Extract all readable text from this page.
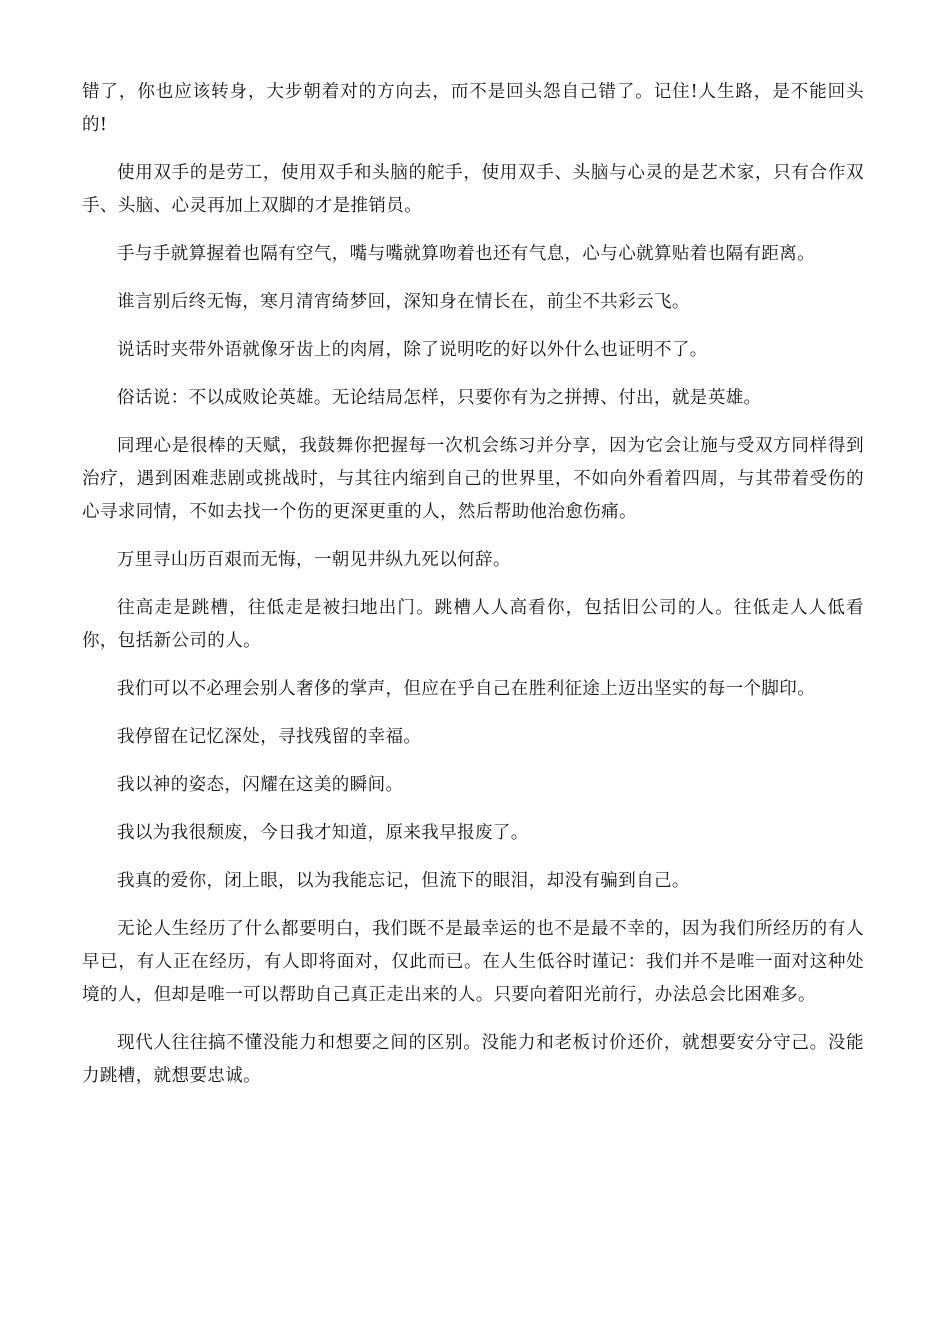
错了，你也应该转身，大步朝着对的方向去，而不是回头怨自己错了。记住!人生路，是不能回头的!

使用双手的是劳工，使用双手和头脑的舵手，使用双手、头脑与心灵的是艺术家，只有合作双手、头脑、心灵再加上双脚的才是推销员。

手与手就算握着也隔有空气，嘴与嘴就算吻着也还有气息，心与心就算贴着也隔有距离。

谁言别后终无悔，寒月清宵绮梦回，深知身在情长在，前尘不共彩云飞。

说话时夹带外语就像牙齿上的肉屑，除了说明吃的好以外什么也证明不了。

俗话说：不以成败论英雄。无论结局怎样，只要你有为之拼搏、付出，就是英雄。

同理心是很棒的天赋，我鼓舞你把握每一次机会练习并分享，因为它会让施与受双方同样得到治疗，遇到困难悲剧或挑战时，与其往内缩到自己的世界里，不如向外看着四周，与其带着受伤的心寻求同情，不如去找一个伤的更深更重的人，然后帮助他治愈伤痛。

万里寻山历百艰而无悔，一朝见井纵九死以何辞。

往高走是跳槽，往低走是被扫地出门。跳槽人人高看你，包括旧公司的人。往低走人人低看你，包括新公司的人。

我们可以不必理会别人奢侈的掌声，但应在乎自己在胜利征途上迈出坚实的每一个脚印。

我停留在记忆深处，寻找残留的幸福。

我以神的姿态，闪耀在这美的瞬间。

我以为我很颓废，今日我才知道，原来我早报废了。

我真的爱你，闭上眼，以为我能忘记，但流下的眼泪，却没有骗到自己。

无论人生经历了什么都要明白，我们既不是最幸运的也不是最不幸的，因为我们所经历的有人早已，有人正在经历，有人即将面对，仅此而已。在人生低谷时谨记：我们并不是唯一面对这种处境的人，但却是唯一可以帮助自己真正走出来的人。只要向着阳光前行，办法总会比困难多。

现代人往往搞不懂没能力和想要之间的区别。没能力和老板讨价还价，就想要安分守己。没能力跳槽，就想要忠诚。
